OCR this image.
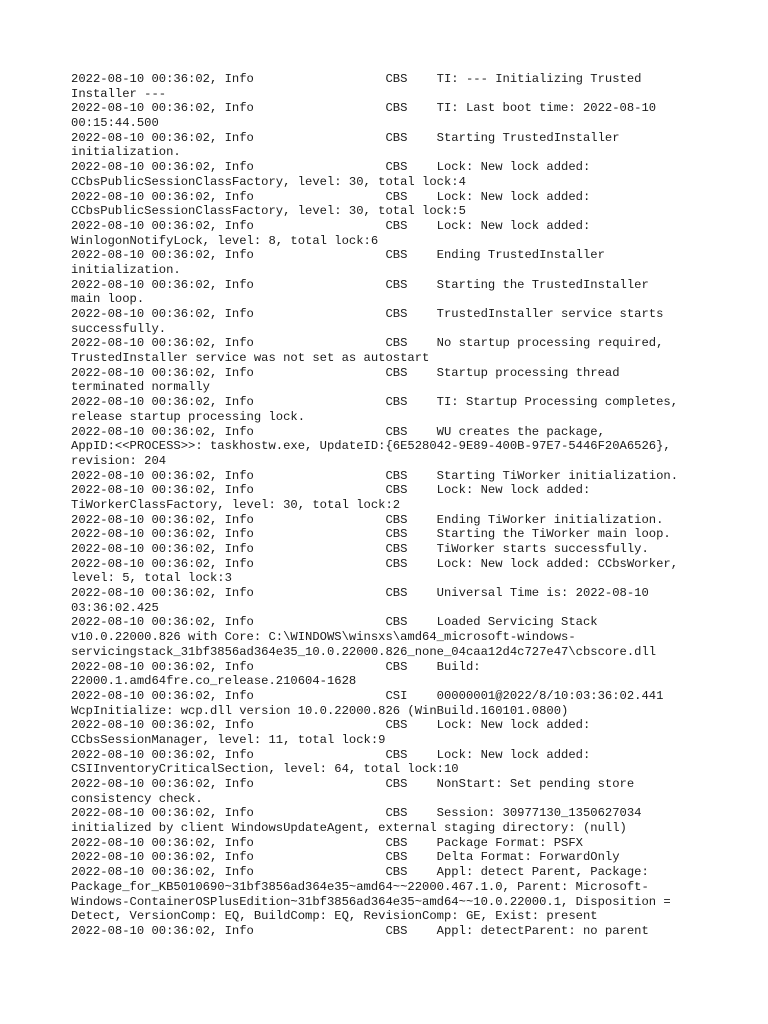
2022-08-10 00:36:02, Info                  CBS    TI: --- Initializing Trusted
Installer ---
2022-08-10 00:36:02, Info                  CBS    TI: Last boot time: 2022-08-10
00:15:44.500
2022-08-10 00:36:02, Info                  CBS    Starting TrustedInstaller
initialization.
2022-08-10 00:36:02, Info                  CBS    Lock: New lock added:
CCbsPublicSessionClassFactory, level: 30, total lock:4
2022-08-10 00:36:02, Info                  CBS    Lock: New lock added:
CCbsPublicSessionClassFactory, level: 30, total lock:5
2022-08-10 00:36:02, Info                  CBS    Lock: New lock added:
WinlogonNotifyLock, level: 8, total lock:6
2022-08-10 00:36:02, Info                  CBS    Ending TrustedInstaller
initialization.
2022-08-10 00:36:02, Info                  CBS    Starting the TrustedInstaller
main loop.
2022-08-10 00:36:02, Info                  CBS    TrustedInstaller service starts
successfully.
2022-08-10 00:36:02, Info                  CBS    No startup processing required,
TrustedInstaller service was not set as autostart
2022-08-10 00:36:02, Info                  CBS    Startup processing thread
terminated normally
2022-08-10 00:36:02, Info                  CBS    TI: Startup Processing completes,
release startup processing lock.
2022-08-10 00:36:02, Info                  CBS    WU creates the package,
AppID:<<PROCESS>>: taskhostw.exe, UpdateID:{6E528042-9E89-400B-97E7-5446F20A6526},
revision: 204
2022-08-10 00:36:02, Info                  CBS    Starting TiWorker initialization.
2022-08-10 00:36:02, Info                  CBS    Lock: New lock added:
TiWorkerClassFactory, level: 30, total lock:2
2022-08-10 00:36:02, Info                  CBS    Ending TiWorker initialization.
2022-08-10 00:36:02, Info                  CBS    Starting the TiWorker main loop.
2022-08-10 00:36:02, Info                  CBS    TiWorker starts successfully.
2022-08-10 00:36:02, Info                  CBS    Lock: New lock added: CCbsWorker,
level: 5, total lock:3
2022-08-10 00:36:02, Info                  CBS    Universal Time is: 2022-08-10
03:36:02.425
2022-08-10 00:36:02, Info                  CBS    Loaded Servicing Stack
v10.0.22000.826 with Core: C:\WINDOWS\winsxs\amd64_microsoft-windows-
servicingstack_31bf3856ad364e35_10.0.22000.826_none_04caa12d4c727e47\cbscore.dll
2022-08-10 00:36:02, Info                  CBS    Build:
22000.1.amd64fre.co_release.210604-1628
2022-08-10 00:36:02, Info                  CSI    00000001@2022/8/10:03:36:02.441
WcpInitialize: wcp.dll version 10.0.22000.826 (WinBuild.160101.0800)
2022-08-10 00:36:02, Info                  CBS    Lock: New lock added:
CCbsSessionManager, level: 11, total lock:9
2022-08-10 00:36:02, Info                  CBS    Lock: New lock added:
CSIInventoryCriticalSection, level: 64, total lock:10
2022-08-10 00:36:02, Info                  CBS    NonStart: Set pending store
consistency check.
2022-08-10 00:36:02, Info                  CBS    Session: 30977130_1350627034
initialized by client WindowsUpdateAgent, external staging directory: (null)
2022-08-10 00:36:02, Info                  CBS    Package Format: PSFX
2022-08-10 00:36:02, Info                  CBS    Delta Format: ForwardOnly
2022-08-10 00:36:02, Info                  CBS    Appl: detect Parent, Package:
Package_for_KB5010690~31bf3856ad364e35~amd64~~22000.467.1.0, Parent: Microsoft-
Windows-ContainerOSPlusEdition~31bf3856ad364e35~amd64~~10.0.22000.1, Disposition =
Detect, VersionComp: EQ, BuildComp: EQ, RevisionComp: GE, Exist: present
2022-08-10 00:36:02, Info                  CBS    Appl: detectParent: no parent
